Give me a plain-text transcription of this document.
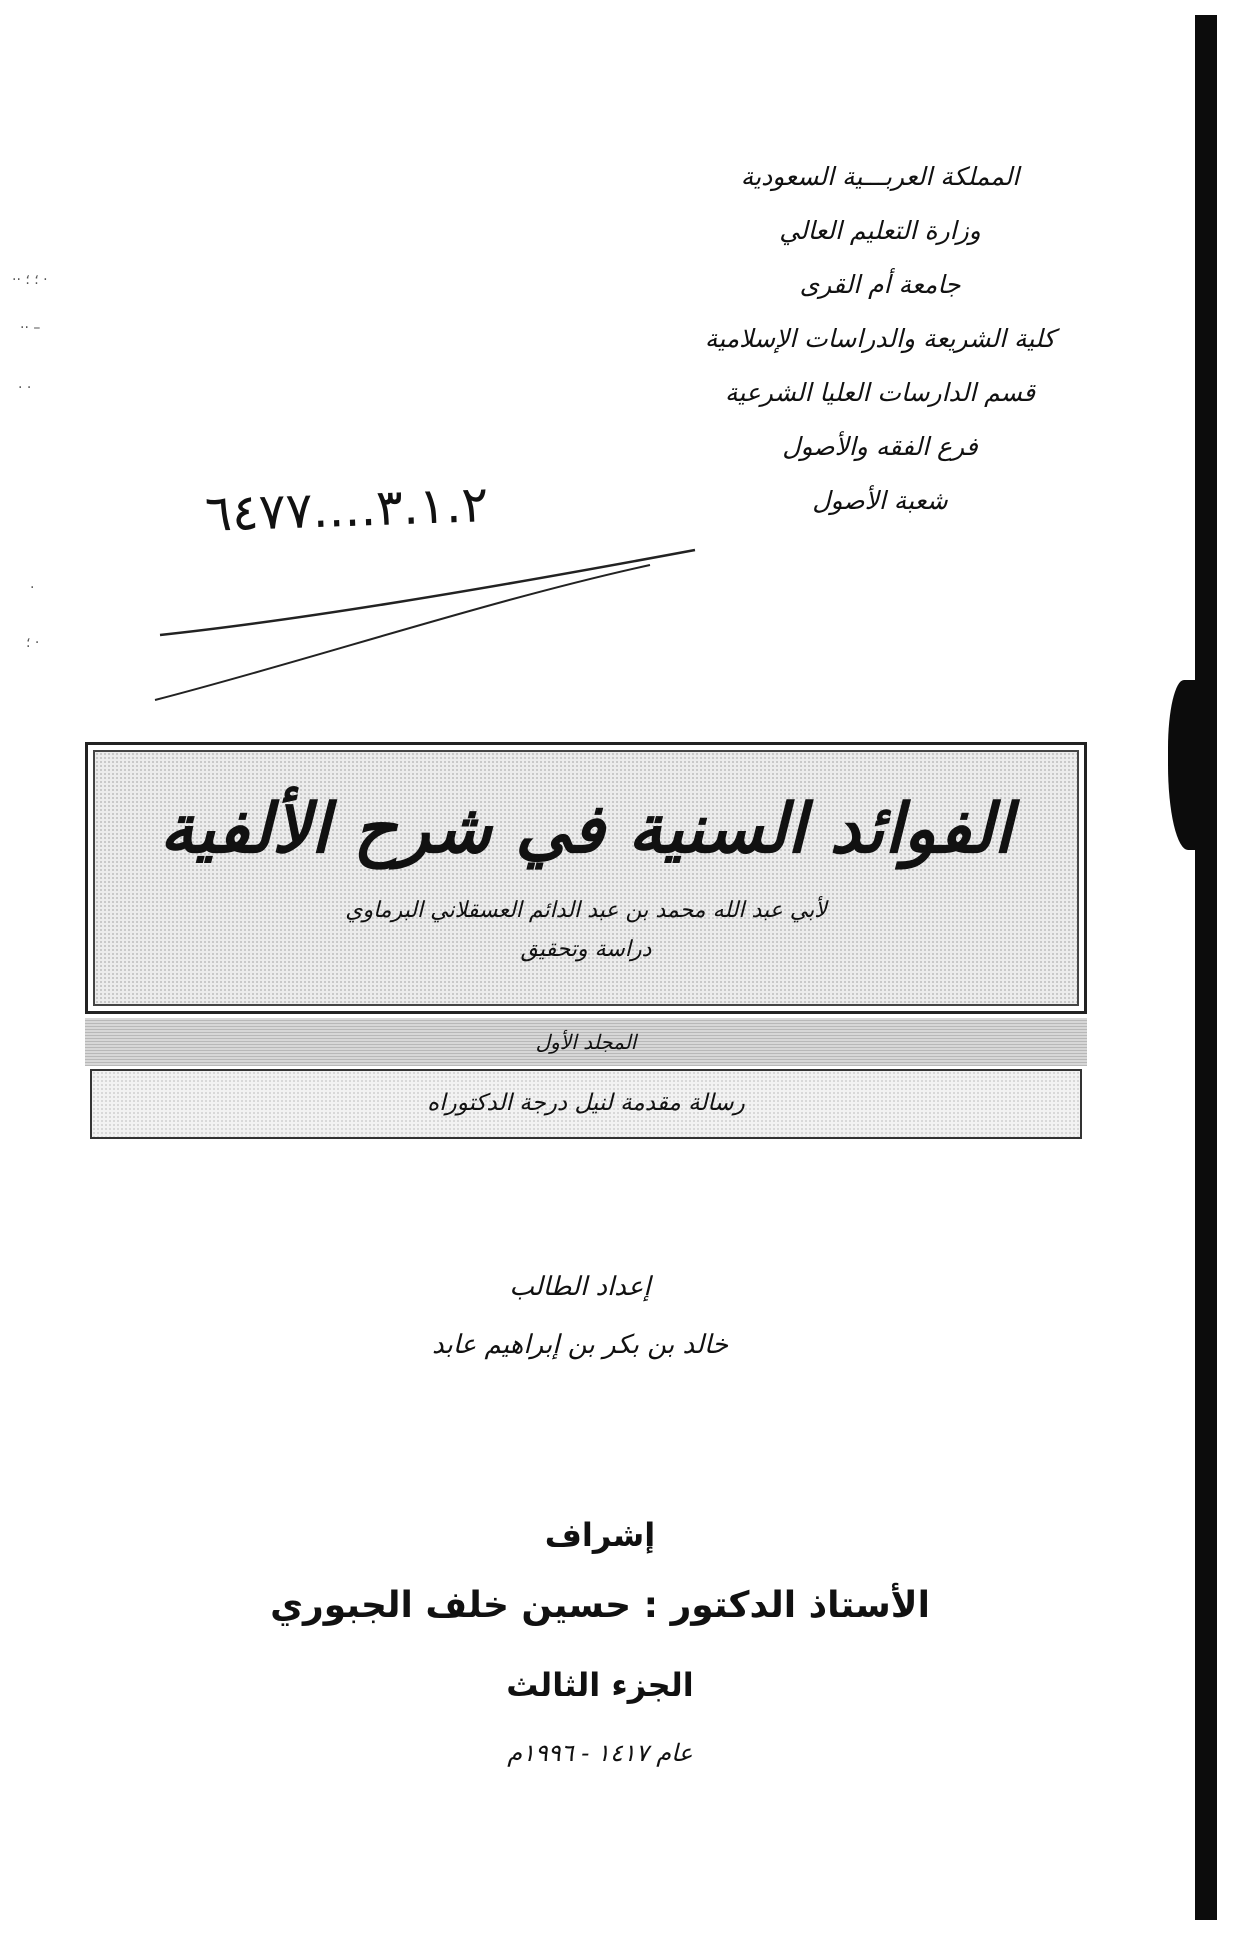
·· ؛ ؛ ·
·· –
· ·
·
؛ ·
المملكة العربـــية السعودية
وزارة التعليم العالي
جامعة أم القرى
كلية الشريعة والدراسات الإسلامية
قسم الدارسات العليا الشرعية
فرع الفقه والأصول
شعبة الأصول
٣.١.٢....٦٤٧٧
الفوائد السنية في شرح الألفية
لأبي عبد الله محمد بن عبد الدائم العسقلاني البرماوي
دراسة وتحقيق
المجلد الأول
رسالة مقدمة لنيل درجة الدكتوراه
إعداد الطالب
خالد بن بكر بن إبراهيم عابد
إشراف
الأستاذ الدكتور : حسين خلف الجبوري
الجزء الثالث
عام ١٤١٧ - ١٩٩٦م
